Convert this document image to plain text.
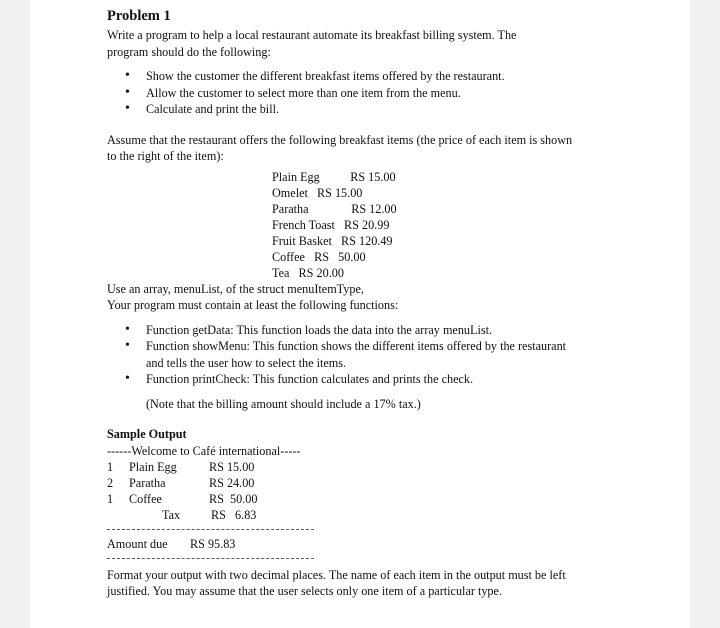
Problem 1

Write a program to help a local restaurant automate its breakfast billing system. The

program should do the following:

• Show the customer the different breakfast items offered by the restaurant.
• Allow the customer to select more than one item from the menu.
• Calculate and print the bill.

Assume that the restaurant offers the following breakfast items (the price of each item is shown

to the right of the item):

Plain Egg          RS 15.00
Omelet   RS 15.00
Paratha              RS 12.00
French Toast   RS 20.99
Fruit Basket   RS 120.49
Coffee   RS   50.00
Tea   RS 20.00

Use an array, menuList, of the struct menuItemType,

Your program must contain at least the following functions:

• Function getData: This function loads the data into the array menuList.
• Function showMenu: This function shows the different items offered by the restaurant
and tells the user how to select the items.
• Function printCheck: This function calculates and prints the check.

(Note that the billing amount should include a 17% tax.)

Sample Output

------Welcome to Café international-----
1 Plain Egg	RS 15.00
2 Paratha	RS 24.00
1 Coffee	RS  50.00
Tax	RS   6.83
Amount due RS 95.83

Format your output with two decimal places. The name of each item in the output must be left

justified. You may assume that the user selects only one item of a particular type.
